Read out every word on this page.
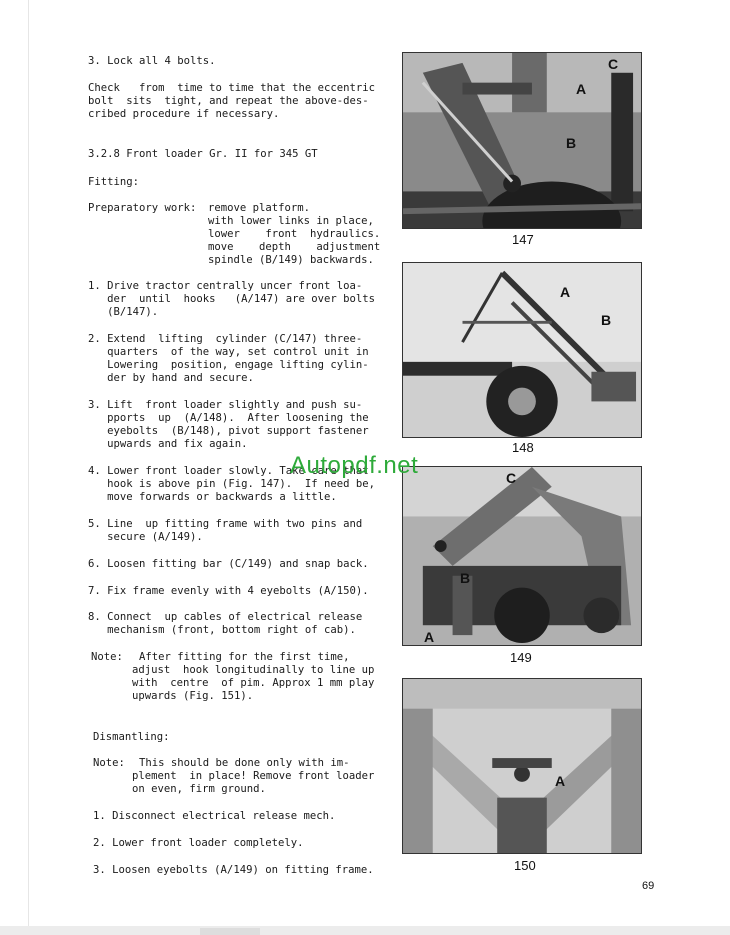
3. Lock all 4 bolts.
Check   from  time to time that the eccentric
bolt  sits  tight, and repeat the above-des-
cribed procedure if necessary.
3.2.8 Front loader Gr. II for 345 GT
Fitting:
Preparatory work: remove platform.
with lower links in place,
lower    front  hydraulics.
move    depth    adjustment
spindle (B/149) backwards.
1. Drive tractor centrally uncer front loa-
der  until  hooks   (A/147) are over bolts
(B/147).
2. Extend  lifting  cylinder (C/147) three-
quarters  of the way, set control unit in
Lowering  position, engage lifting cylin-
der by hand and secure.
3. Lift  front loader slightly and push su-
pports  up  (A/148).  After loosening the
eyebolts  (B/148), pivot support fastener
upwards and fix again.
4. Lower front loader slowly. Take care that
hook is above pin (Fig. 147).  If need be,
move forwards or backwards a little.
5. Line  up fitting frame with two pins and
secure (A/149).
6. Loosen fitting bar (C/149) and snap back.
7. Fix frame evenly with 4 eyebolts (A/150).
8. Connect  up cables of electrical release
mechanism (front, bottom right of cab).
Note: After fitting for the first time,
adjust  hook longitudinally to line up
with  centre  of pim. Approx 1 mm play
upwards (Fig. 151).
Dismantling:
Note: This should be done only with im-
plement  in place! Remove front loader
on even, firm ground.
1. Disconnect electrical release mech.
2. Lower front loader completely.
3. Loosen eyebolts (A/149) on fitting frame.
C
A
B
147
A
B
148
C
B
A
149
A
150
Autopdf.net
69
